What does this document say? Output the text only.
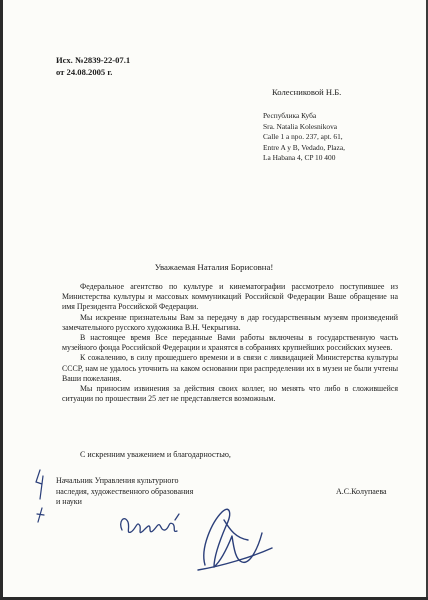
Исх. №2839-22-07.1
от 24.08.2005 г.
Колесниковой Н.Б.
Республика Куба
Sra. Natalia Kolesnikova
Calle 1 a npo. 237, apt. 61,
Entre A y B, Vedado, Plaza,
La Habana 4, CP 10 400
Уважаемая Наталия Борисовна!

Федеральное агентство по культуре и кинематографии рассмотрело поступившее из Министерства культуры и массовых коммуникаций Российской Федерации Ваше обращение на имя Президента Российской Федерации.

Мы искренне признательны Вам за передачу в дар государственным музеям произведений замечательного русского художника В.Н. Чекрыгина.

В настоящее время Все переданные Вами работы включены в государственную часть музейного фонда Российской Федерации и хранятся в собраниях крупнейших российских музеев.

К сожалению, в силу прошедшего времени и в связи с ликвидацией Министерства культуры СССР, нам не удалось уточнить на каком основании при распределении их в музеи не были учтены Ваши пожелания.

Мы приносим извинения за действия своих коллег, но менять что либо в сложившейся ситуации по прошествии 25 лет не представляется возможным.

С искренним уважением и благодарностью,
Начальник Управления культурного
наследия, художественного образования
и науки
А.С.Колупаева
